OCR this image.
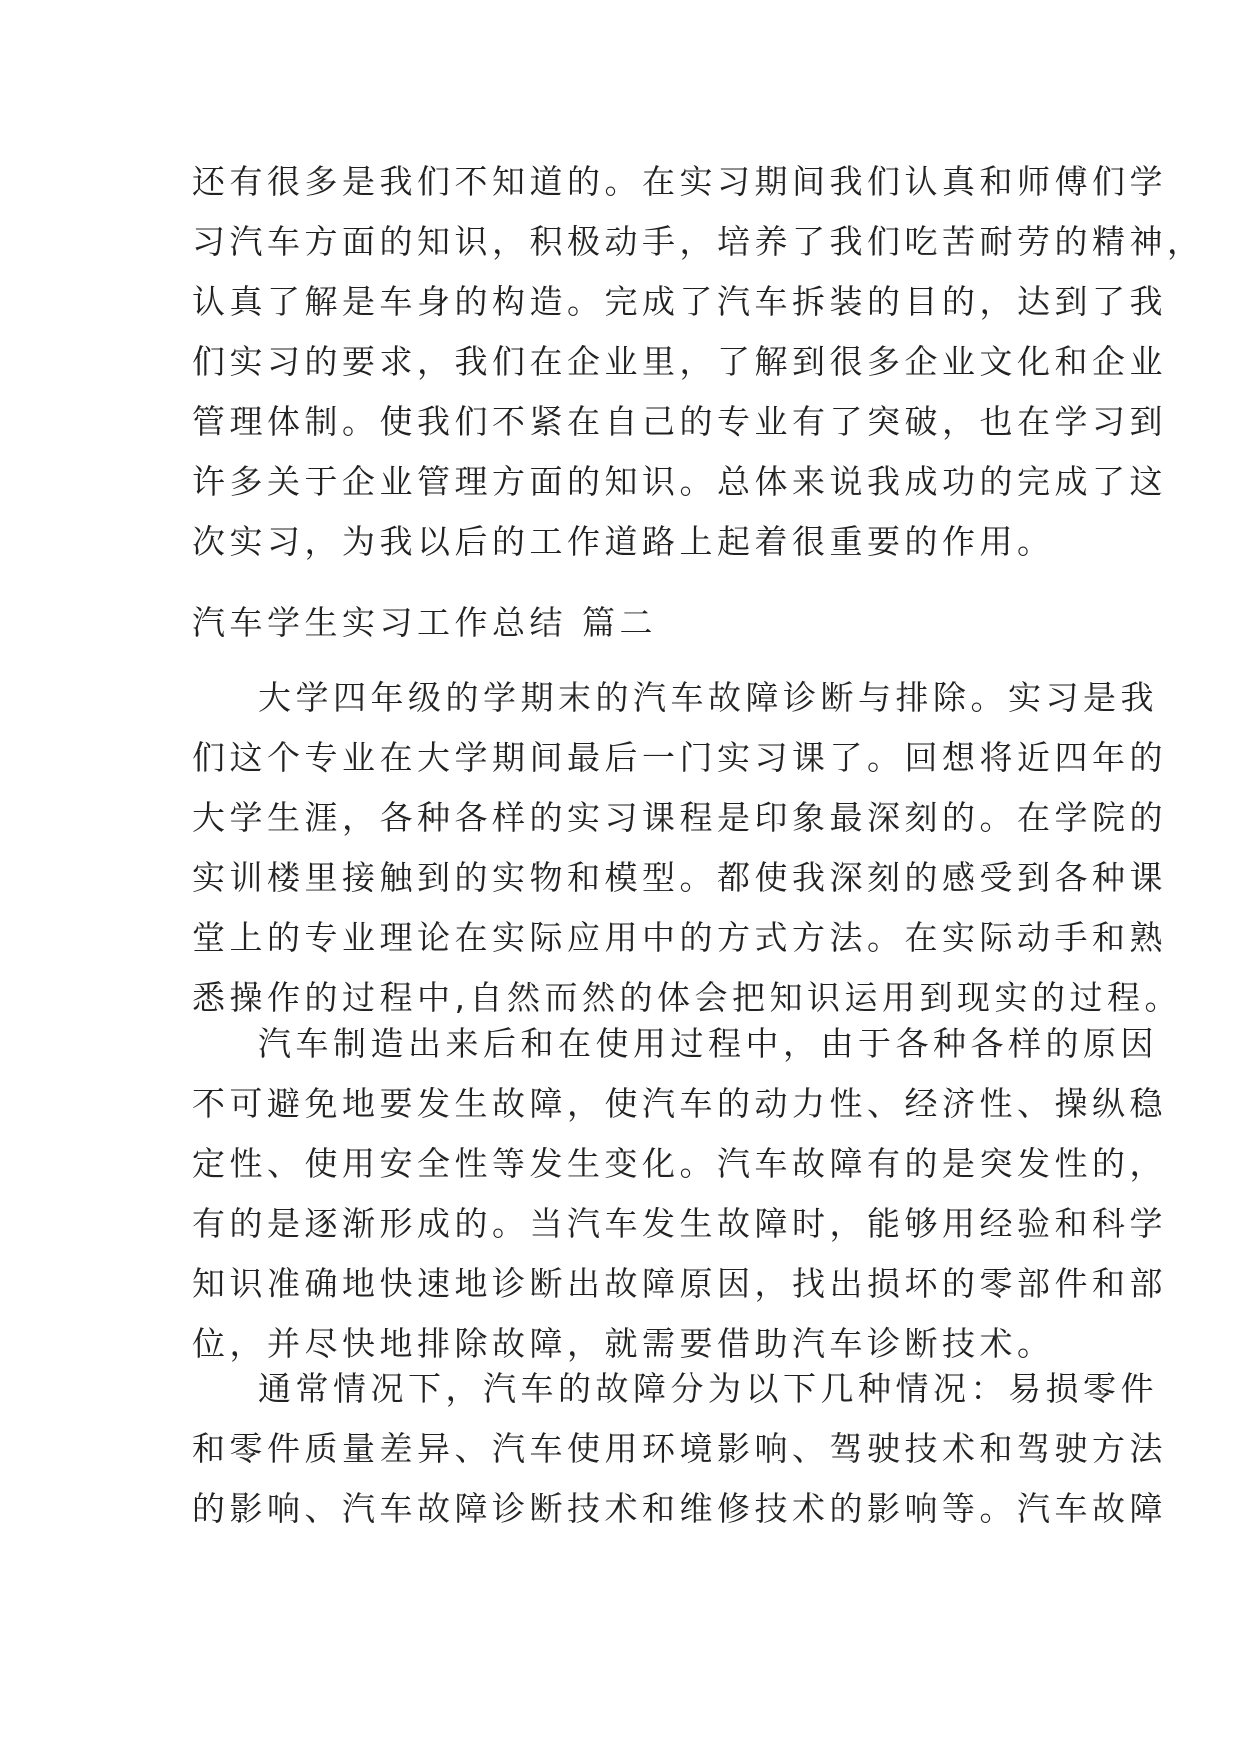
还有很多是我们不知道的。在实习期间我们认真和师傅们学
习汽车方面的知识，积极动手，培养了我们吃苦耐劳的精神，
认真了解是车身的构造。完成了汽车拆装的目的，达到了我
们实习的要求，我们在企业里，了解到很多企业文化和企业
管理体制。使我们不紧在自己的专业有了突破，也在学习到
许多关于企业管理方面的知识。总体来说我成功的完成了这
次实习，为我以后的工作道路上起着很重要的作用。
汽车学生实习工作总结 篇二
大学四年级的学期末的汽车故障诊断与排除。实习是我
们这个专业在大学期间最后一门实习课了。回想将近四年的
大学生涯，各种各样的实习课程是印象最深刻的。在学院的
实训楼里接触到的实物和模型。都使我深刻的感受到各种课
堂上的专业理论在实际应用中的方式方法。在实际动手和熟
悉操作的过程中,自然而然的体会把知识运用到现实的过程。
汽车制造出来后和在使用过程中，由于各种各样的原因
不可避免地要发生故障，使汽车的动力性、经济性、操纵稳
定性、使用安全性等发生变化。汽车故障有的是突发性的，
有的是逐渐形成的。当汽车发生故障时，能够用经验和科学
知识准确地快速地诊断出故障原因，找出损坏的零部件和部
位，并尽快地排除故障，就需要借助汽车诊断技术。
通常情况下，汽车的故障分为以下几种情况：易损零件
和零件质量差异、汽车使用环境影响、驾驶技术和驾驶方法
的影响、汽车故障诊断技术和维修技术的影响等。汽车故障
